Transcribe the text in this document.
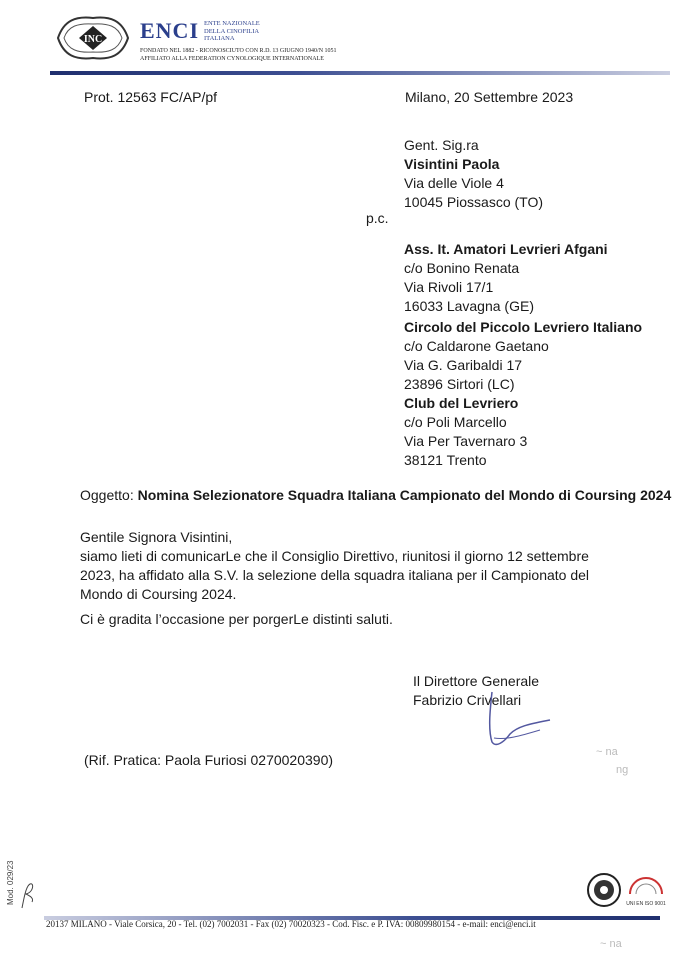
INC ENCI ENTE NAZIONALE
DELLA CINOFILIA
ITALIANA
FONDATO NEL 1882 - RICONOSCIUTO CON R.D. 13 GIUGNO 1940/N 1051
AFFILIATO ALLA FEDERATION CYNOLOGIQUE INTERNATIONALE
Prot. 12563 FC/AP/pf	Milano, 20 Settembre 2023
Gent. Sig.ra
Visintini Paola
Via delle Viole 4
10045 Piossasco (TO)
p.c.
Ass. It. Amatori Levrieri Afgani
c/o Bonino Renata
Via Rivoli 17/1
16033 Lavagna (GE)
Circolo del Piccolo Levriero Italiano
c/o Caldarone Gaetano
Via G. Garibaldi 17
23896 Sirtori (LC)
Club del Levriero
c/o Poli Marcello
Via Per Tavernaro 3
38121 Trento
Oggetto: Nomina Selezionatore Squadra Italiana Campionato del Mondo di Coursing 2024
Gentile Signora Visintini,
siamo lieti di comunicarLe che il Consiglio Direttivo, riunitosi il giorno 12 settembre 2023, ha affidato alla S.V. la selezione della squadra italiana per il Campionato del Mondo di Coursing 2024.
Ci è gradita l’occasione per porgerLe distinti saluti.
Il Direttore Generale
Fabrizio Crivellari
(Rif. Pratica: Paola Furiosi 0270020390)	~ na
ng
UNI EN ISO 9001
20137 MILANO - Viale Corsica, 20 - Tel. (02) 7002031 - Fax (02) 70020323 - Cod. Fisc. e P. IVA: 00809980154 - e-mail: enci@enci.it
Mod. 029/23
~ na
